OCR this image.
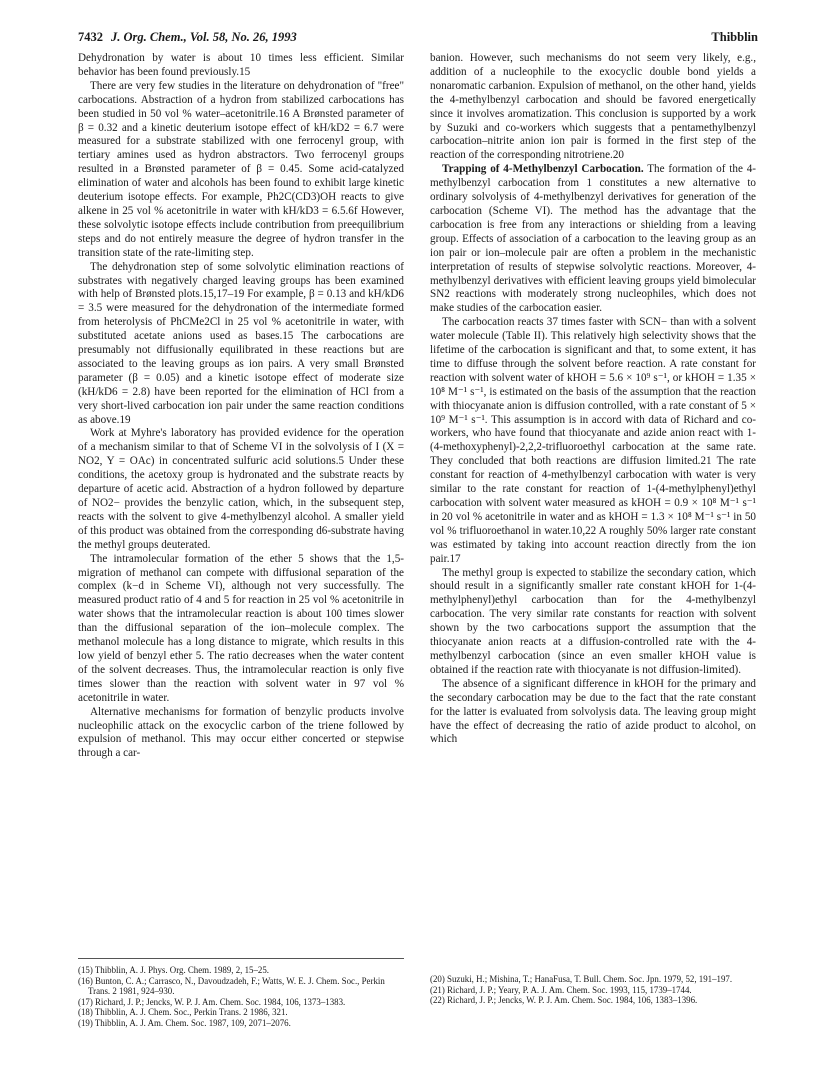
7432 J. Org. Chem., Vol. 58, No. 26, 1993	Thibblin

Dehydronation by water is about 10 times less efficient. Similar behavior has been found previously.15

There are very few studies in the literature on dehydronation of "free" carbocations. Abstraction of a hydron from stabilized carbocations has been studied in 50 vol % water–acetonitrile.16 A Brønsted parameter of β = 0.32 and a kinetic deuterium isotope effect of kH/kD2 = 6.7 were measured for a substrate stabilized with one ferrocenyl group, with tertiary amines used as hydron abstractors. Two ferrocenyl groups resulted in a Brønsted parameter of β = 0.45. Some acid-catalyzed elimination of water and alcohols has been found to exhibit large kinetic deuterium isotope effects. For example, Ph2C(CD3)OH reacts to give alkene in 25 vol % acetonitrile in water with kH/kD3 = 6.5.6f However, these solvolytic isotope effects include contribution from preequilibrium steps and do not entirely measure the degree of hydron transfer in the transition state of the rate-limiting step.

The dehydronation step of some solvolytic elimination reactions of substrates with negatively charged leaving groups has been examined with help of Brønsted plots.15,17–19 For example, β = 0.13 and kH/kD6 = 3.5 were measured for the dehydronation of the intermediate formed from heterolysis of PhCMe2Cl in 25 vol % acetonitrile in water, with substituted acetate anions used as bases.15 The carbocations are presumably not diffusionally equilibrated in these reactions but are associated to the leaving groups as ion pairs. A very small Brønsted parameter (β = 0.05) and a kinetic isotope effect of moderate size (kH/kD6 = 2.8) have been reported for the elimination of HCl from a very short-lived carbocation ion pair under the same reaction conditions as above.19

Work at Myhre's laboratory has provided evidence for the operation of a mechanism similar to that of Scheme VI in the solvolysis of I (X = NO2, Y = OAc) in concentrated sulfuric acid solutions.5 Under these conditions, the acetoxy group is hydronated and the substrate reacts by departure of acetic acid. Abstraction of a hydron followed by departure of NO2− provides the benzylic cation, which, in the subsequent step, reacts with the solvent to give 4-methylbenzyl alcohol. A smaller yield of this product was obtained from the corresponding d6-substrate having the methyl groups deuterated.

The intramolecular formation of the ether 5 shows that the 1,5-migration of methanol can compete with diffusional separation of the complex (k−d in Scheme VI), although not very successfully. The measured product ratio of 4 and 5 for reaction in 25 vol % acetonitrile in water shows that the intramolecular reaction is about 100 times slower than the diffusional separation of the ion–molecule complex. The methanol molecule has a long distance to migrate, which results in this low yield of benzyl ether 5. The ratio decreases when the water content of the solvent decreases. Thus, the intramolecular reaction is only five times slower than the reaction with solvent water in 97 vol % acetonitrile in water.

Alternative mechanisms for formation of benzylic products involve nucleophilic attack on the exocyclic carbon of the triene followed by expulsion of methanol. This may occur either concerted or stepwise through a car-

banion. However, such mechanisms do not seem very likely, e.g., addition of a nucleophile to the exocyclic double bond yields a nonaromatic carbanion. Expulsion of methanol, on the other hand, yields the 4-methylbenzyl carbocation and should be favored energetically since it involves aromatization. This conclusion is supported by a work by Suzuki and co-workers which suggests that a pentamethylbenzyl carbocation–nitrite anion ion pair is formed in the first step of the reaction of the corresponding nitrotriene.20

Trapping of 4-Methylbenzyl Carbocation. The formation of the 4-methylbenzyl carbocation from 1 constitutes a new alternative to ordinary solvolysis of 4-methylbenzyl derivatives for generation of the carbocation (Scheme VI). The method has the advantage that the carbocation is free from any interactions or shielding from a leaving group. Effects of association of a carbocation to the leaving group as an ion pair or ion–molecule pair are often a problem in the mechanistic interpretation of results of stepwise solvolytic reactions. Moreover, 4-methylbenzyl derivatives with efficient leaving groups yield bimolecular SN2 reactions with moderately strong nucleophiles, which does not make studies of the carbocation easier.

The carbocation reacts 37 times faster with SCN− than with a solvent water molecule (Table II). This relatively high selectivity shows that the lifetime of the carbocation is significant and that, to some extent, it has time to diffuse through the solvent before reaction. A rate constant for reaction with solvent water of kHOH = 5.6 × 10⁹ s⁻¹, or kHOH = 1.35 × 10⁸ M⁻¹ s⁻¹, is estimated on the basis of the assumption that the reaction with thiocyanate anion is diffusion controlled, with a rate constant of 5 × 10⁹ M⁻¹ s⁻¹. This assumption is in accord with data of Richard and co-workers, who have found that thiocyanate and azide anion react with 1-(4-methoxyphenyl)-2,2,2-trifluoroethyl carbocation at the same rate. They concluded that both reactions are diffusion limited.21 The rate constant for reaction of 4-methylbenzyl carbocation with water is very similar to the rate constant for reaction of 1-(4-methylphenyl)ethyl carbocation with solvent water measured as kHOH = 0.9 × 10⁸ M⁻¹ s⁻¹ in 20 vol % acetonitrile in water and as kHOH = 1.3 × 10⁸ M⁻¹ s⁻¹ in 50 vol % trifluoroethanol in water.10,22 A roughly 50% larger rate constant was estimated by taking into account reaction directly from the ion pair.17

The methyl group is expected to stabilize the secondary cation, which should result in a significantly smaller rate constant kHOH for 1-(4-methylphenyl)ethyl carbocation than for the 4-methylbenzyl carbocation. The very similar rate constants for reaction with solvent shown by the two carbocations support the assumption that the thiocyanate anion reacts at a diffusion-controlled rate with the 4-methylbenzyl carbocation (since an even smaller kHOH value is obtained if the reaction rate with thiocyanate is not diffusion-limited).

The absence of a significant difference in kHOH for the primary and the secondary carbocation may be due to the fact that the rate constant for the latter is evaluated from solvolysis data. The leaving group might have the effect of decreasing the ratio of azide product to alcohol, on which

(15) Thibblin, A. J. Phys. Org. Chem. 1989, 2, 15–25.

(16) Bunton, C. A.; Carrasco, N., Davoudzadeh, F.; Watts, W. E. J. Chem. Soc., Perkin Trans. 2 1981, 924–930.

(17) Richard, J. P.; Jencks, W. P. J. Am. Chem. Soc. 1984, 106, 1373–1383.

(18) Thibblin, A. J. Chem. Soc., Perkin Trans. 2 1986, 321.

(19) Thibblin, A. J. Am. Chem. Soc. 1987, 109, 2071–2076.

(20) Suzuki, H.; Mishina, T.; HanaFusa, T. Bull. Chem. Soc. Jpn. 1979, 52, 191–197.

(21) Richard, J. P.; Yeary, P. A. J. Am. Chem. Soc. 1993, 115, 1739–1744.

(22) Richard, J. P.; Jencks, W. P. J. Am. Chem. Soc. 1984, 106, 1383–1396.
